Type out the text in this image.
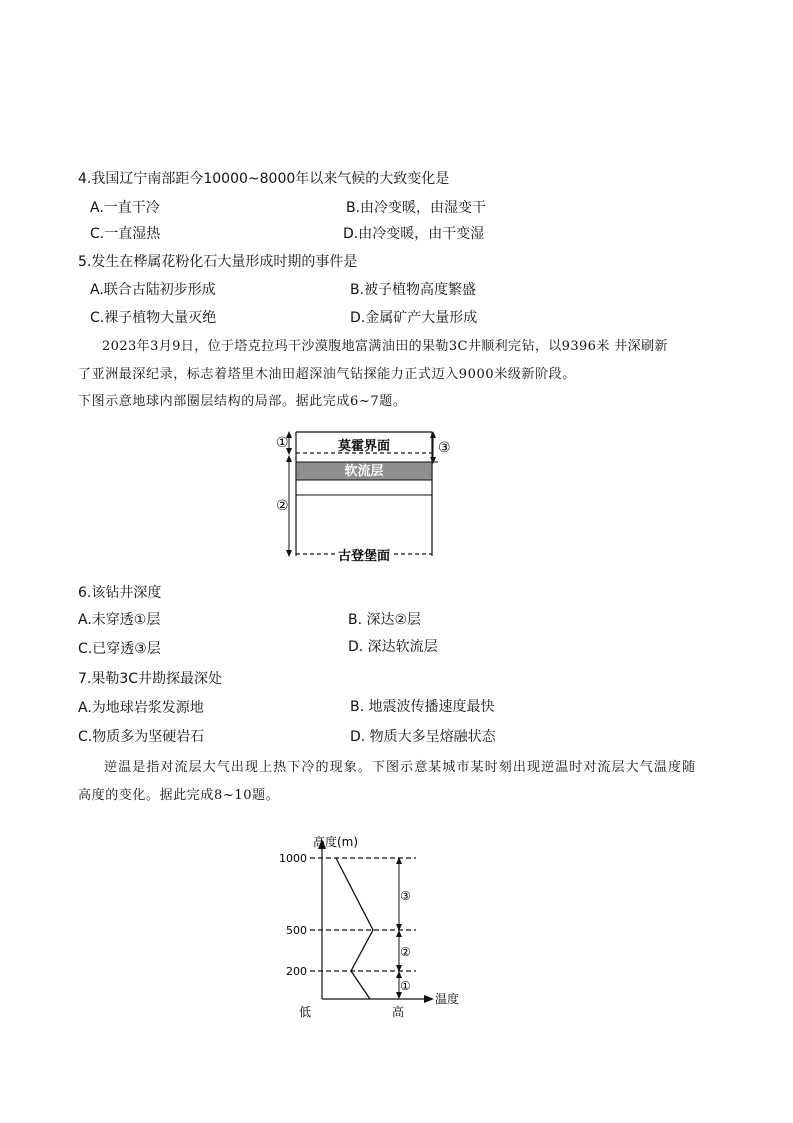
4.我国辽宁南部距今10000~8000年以来气候的大致变化是
A.一直干冷	B.由冷变暖，由湿变干
C.一直湿热	D.由冷变暖，由干变湿
5.发生在桦属花粉化石大量形成时期的事件是
A.联合古陆初步形成	B.被子植物高度繁盛
C.裸子植物大量灭绝	D.金属矿产大量形成
2023年3月9日，位于塔克拉玛干沙漠腹地富满油田的果勒3C井顺利完钻，以9396米 井深刷新
了亚洲最深纪录，标志着塔里木油田超深油气钻探能力正式迈入9000米级新阶段。
下图示意地球内部圈层结构的局部。据此完成6~7题。
①
②
③
莫霍界面
软流层
古登堡面
6.该钻井深度
A.未穿透①层	B. 深达②层
C.已穿透③层	D. 深达软流层
7.果勒3C井勘探最深处
A.为地球岩浆发源地	B. 地震波传播速度最快
C.物质多为坚硬岩石	D. 物质大多呈熔融状态
逆温是指对流层大气出现上热下冷的现象。下图示意某城市某时刻出现逆温时对流层大气温度随
高度的变化。据此完成8~10题。
高度(m)
温度
1000
500
200
低	高
③
②
①
